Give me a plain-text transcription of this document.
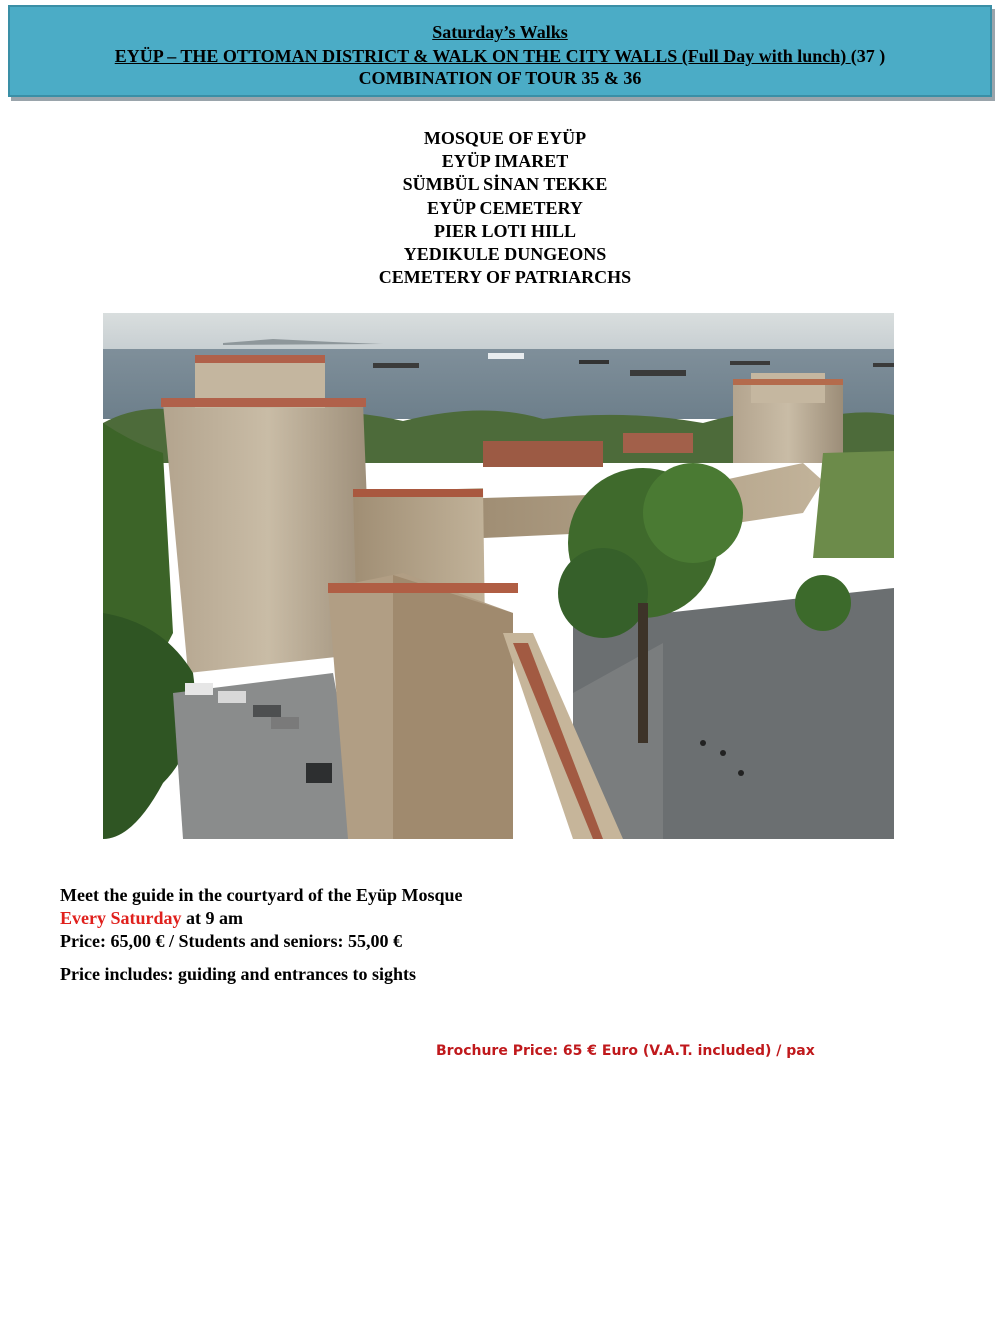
Saturday’s Walks
EYÜP – THE OTTOMAN DISTRICT & WALK ON THE CITY WALLS (Full Day with lunch) (37 )
COMBINATION OF TOUR 35 & 36
MOSQUE OF EYÜP
EYÜP IMARET
SÜMBÜL SİNAN TEKKE
EYÜP CEMETERY
PIER LOTI HILL
YEDIKULE DUNGEONS
CEMETERY OF PATRIARCHS
Meet the guide in the courtyard of the Eyüp Mosque
Every Saturday at 9 am
Price: 65,00 € / Students and seniors: 55,00 €
Price includes: guiding and entrances to sights
Brochure Price: 65 € Euro (V.A.T. included) / pax
